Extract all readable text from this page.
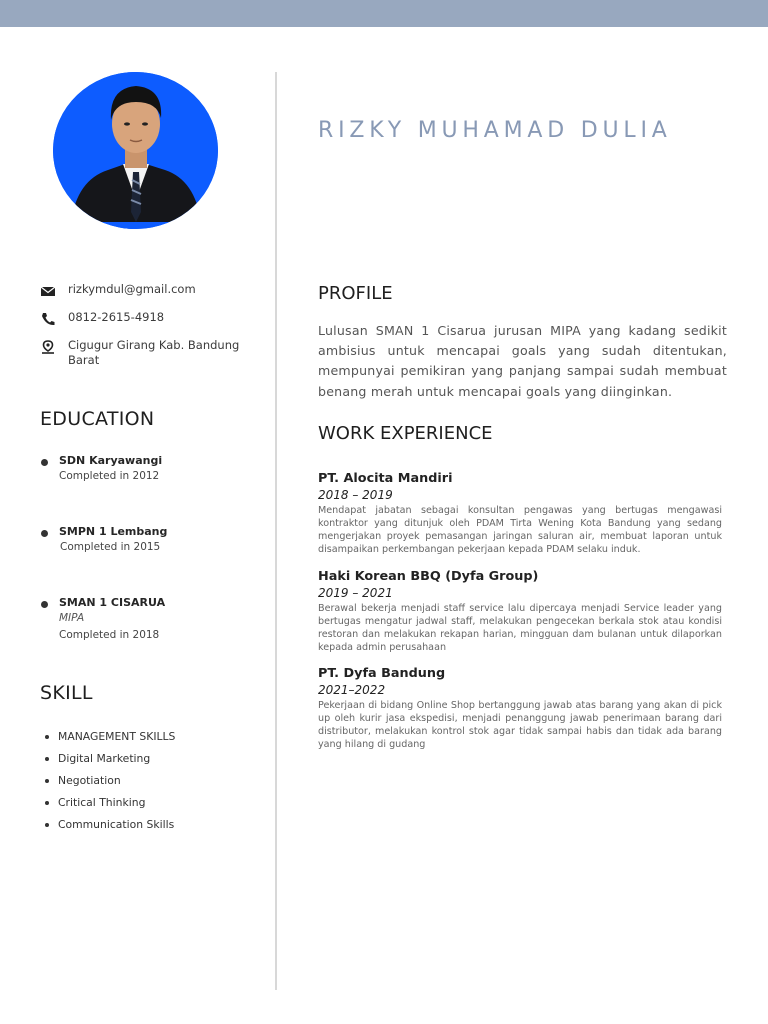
rizkymdul@gmail.com
0812-2615-4918
Cigugur Girang Kab. Bandung Barat
EDUCATION
SDN Karyawangi
Completed in 2012
SMPN 1 Lembang
Completed in 2015
SMAN 1 CISARUA
MIPA
Completed in 2018
SKILL
MANAGEMENT SKILLS
Digital Marketing
Negotiation
Critical Thinking
Communication Skills
RIZKY MUHAMAD DULIA
PROFILE
Lulusan SMAN 1 Cisarua jurusan MIPA yang kadang sedikit ambisius untuk mencapai goals yang sudah ditentukan, mempunyai pemikiran yang panjang sampai sudah membuat benang merah untuk mencapai goals yang diinginkan.
WORK EXPERIENCE
PT. Alocita Mandiri
2018 – 2019
Mendapat jabatan sebagai konsultan pengawas yang bertugas mengawasi kontraktor yang ditunjuk oleh PDAM Tirta Wening Kota Bandung yang sedang mengerjakan proyek pemasangan jaringan saluran air, membuat laporan untuk disampaikan perkembangan pekerjaan kepada PDAM selaku induk.
Haki Korean BBQ (Dyfa Group)
2019 – 2021
Berawal bekerja menjadi staff service lalu dipercaya menjadi Service leader yang bertugas mengatur jadwal staff, melakukan pengecekan berkala stok atau kondisi restoran dan melakukan rekapan harian, mingguan dam bulanan untuk dilaporkan kepada admin perusahaan
PT. Dyfa Bandung
2021–2022
Pekerjaan di bidang Online Shop bertanggung jawab atas barang yang akan di pick up oleh kurir jasa ekspedisi, menjadi penanggung jawab penerimaan barang dari distributor, melakukan kontrol stok agar tidak sampai habis dan tidak ada barang yang hilang di gudang
